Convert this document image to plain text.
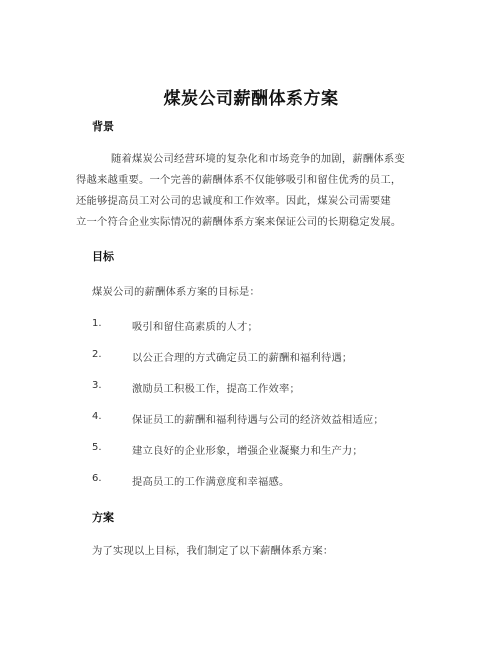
煤炭公司薪酬体系方案
背景
随着煤炭公司经营环境的复杂化和市场竞争的加剧，薪酬体系变
得越来越重要。一个完善的薪酬体系不仅能够吸引和留住优秀的员工，
还能够提高员工对公司的忠诚度和工作效率。因此，煤炭公司需要建
立一个符合企业实际情况的薪酬体系方案来保证公司的长期稳定发展。
目标
煤炭公司的薪酬体系方案的目标是：
1.	吸引和留住高素质的人才；
2.	以公正合理的方式确定员工的薪酬和福利待遇；
3.	激励员工积极工作，提高工作效率；
4.	保证员工的薪酬和福利待遇与公司的经济效益相适应；
5.	建立良好的企业形象，增强企业凝聚力和生产力；
6.	提高员工的工作满意度和幸福感。
方案
为了实现以上目标，我们制定了以下薪酬体系方案：
